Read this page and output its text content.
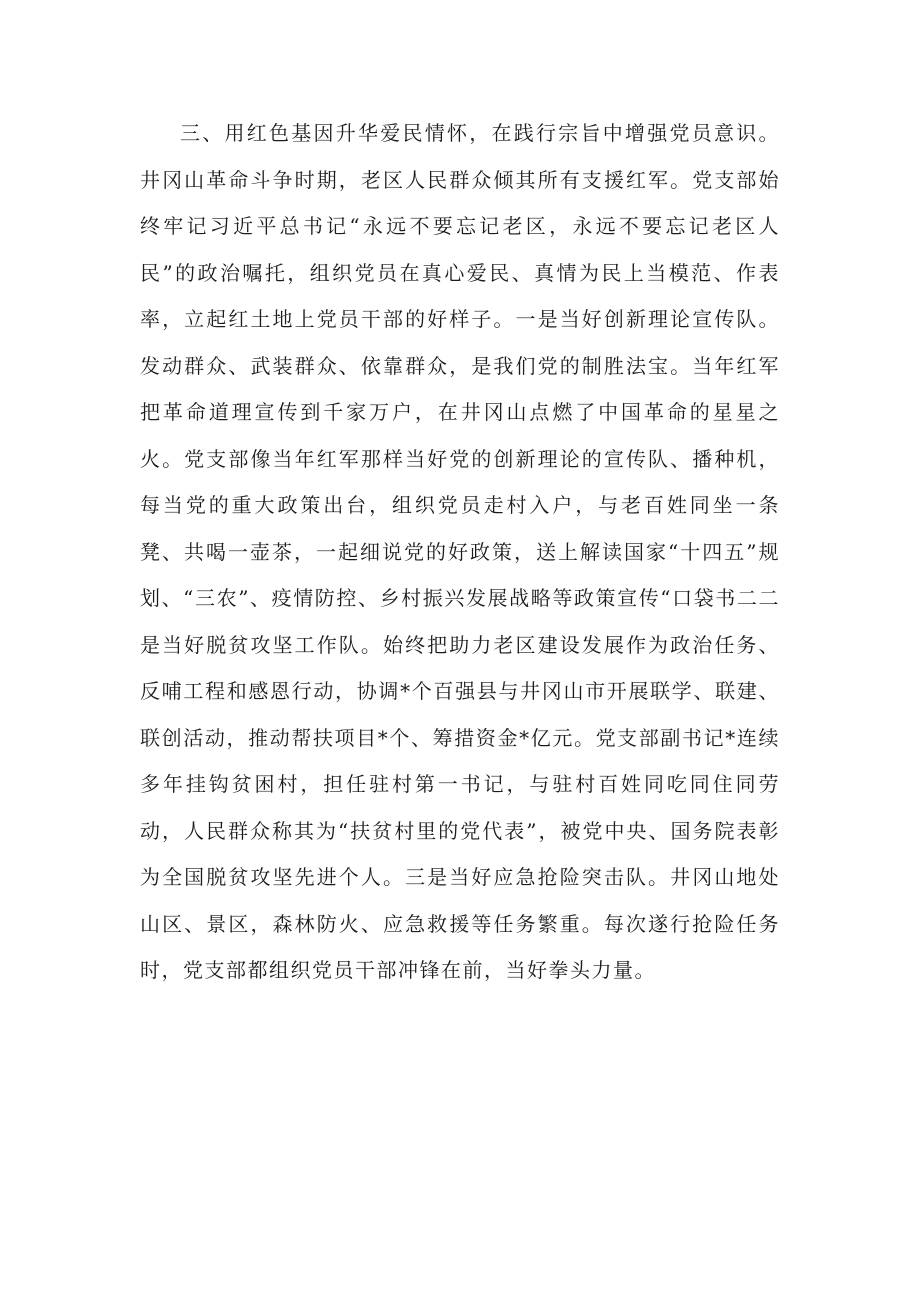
三、用红色基因升华爱民情怀，在践行宗旨中增强党员意识。井冈山革命斗争时期，老区人民群众倾其所有支援红军。党支部始终牢记习近平总书记“永远不要忘记老区，永远不要忘记老区人民”的政治嘱托，组织党员在真心爱民、真情为民上当模范、作表率，立起红土地上党员干部的好样子。一是当好创新理论宣传队。发动群众、武装群众、依靠群众，是我们党的制胜法宝。当年红军把革命道理宣传到千家万户，在井冈山点燃了中国革命的星星之火。党支部像当年红军那样当好党的创新理论的宣传队、播种机，每当党的重大政策出台，组织党员走村入户，与老百姓同坐一条凳、共喝一壶茶，一起细说党的好政策，送上解读国家“十四五”规划、“三农”、疫情防控、乡村振兴发展战略等政策宣传“口袋书二二是当好脱贫攻坚工作队。始终把助力老区建设发展作为政治任务、反哺工程和感恩行动，协调*个百强县与井冈山市开展联学、联建、联创活动，推动帮扶项目*个、筹措资金*亿元。党支部副书记*连续多年挂钩贫困村，担任驻村第一书记，与驻村百姓同吃同住同劳动，人民群众称其为“扶贫村里的党代表”，被党中央、国务院表彰为全国脱贫攻坚先进个人。三是当好应急抢险突击队。井冈山地处山区、景区，森林防火、应急救援等任务繁重。每次遂行抢险任务时，党支部都组织党员干部冲锋在前，当好拳头力量。
